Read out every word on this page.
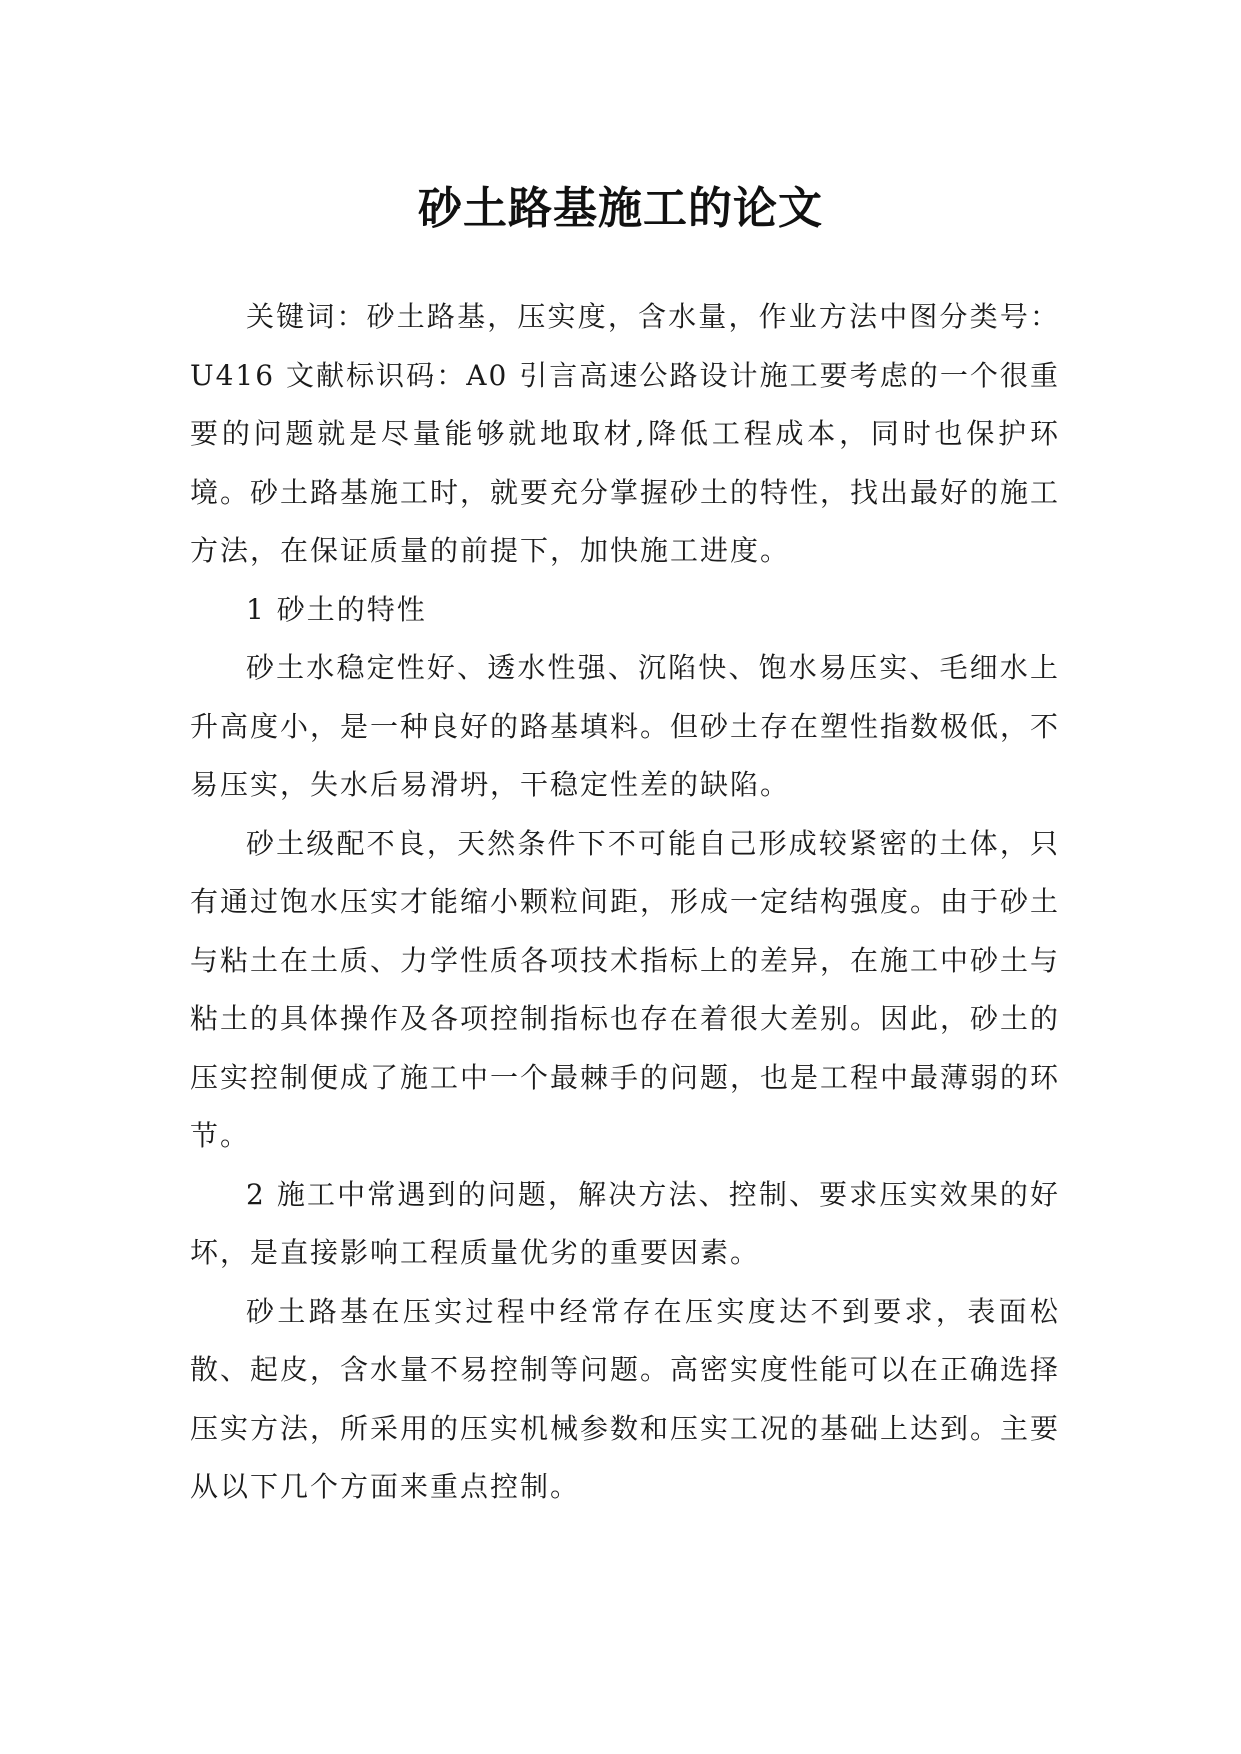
砂土路基施工的论文

关键词：砂土路基，压实度，含水量，作业方法中图分类号：U416 文献标识码：A0 引言高速公路设计施工要考虑的一个很重要的问题就是尽量能够就地取材,降低工程成本，同时也保护环境。砂土路基施工时，就要充分掌握砂土的特性，找出最好的施工方法，在保证质量的前提下，加快施工进度。

1 砂土的特性

砂土水稳定性好、透水性强、沉陷快、饱水易压实、毛细水上升高度小，是一种良好的路基填料。但砂土存在塑性指数极低，不易压实，失水后易滑坍，干稳定性差的缺陷。

砂土级配不良，天然条件下不可能自己形成较紧密的土体，只有通过饱水压实才能缩小颗粒间距，形成一定结构强度。由于砂土与粘土在土质、力学性质各项技术指标上的差异，在施工中砂土与粘土的具体操作及各项控制指标也存在着很大差别。因此，砂土的压实控制便成了施工中一个最棘手的问题，也是工程中最薄弱的环节。

2 施工中常遇到的问题，解决方法、控制、要求压实效果的好坏，是直接影响工程质量优劣的重要因素。

砂土路基在压实过程中经常存在压实度达不到要求，表面松散、起皮，含水量不易控制等问题。高密实度性能可以在正确选择压实方法，所采用的压实机械参数和压实工况的基础上达到。主要从以下几个方面来重点控制。
